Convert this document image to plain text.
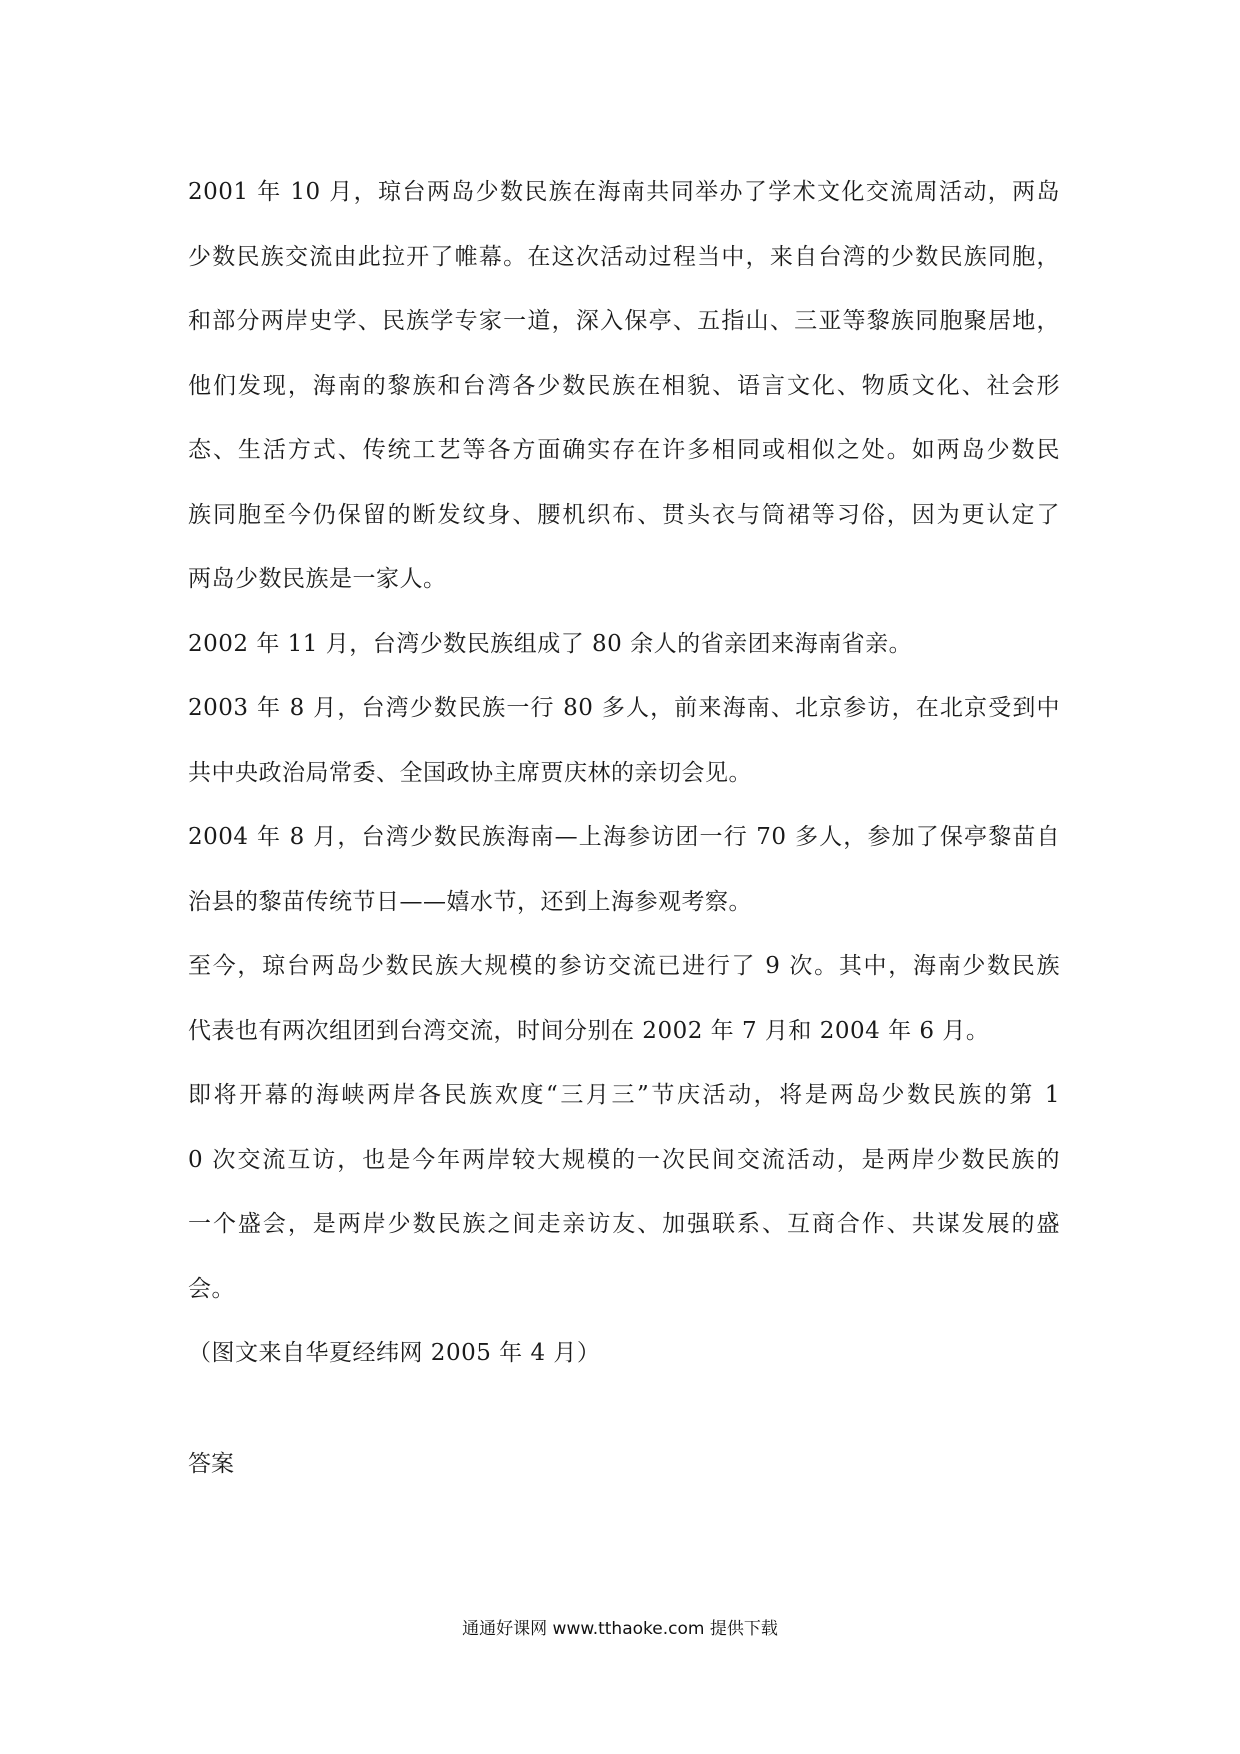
2001 年 10 月，琼台两岛少数民族在海南共同举办了学术文化交流周活动，两岛
少数民族交流由此拉开了帷幕。在这次活动过程当中，来自台湾的少数民族同胞，
和部分两岸史学、民族学专家一道，深入保亭、五指山、三亚等黎族同胞聚居地，
他们发现，海南的黎族和台湾各少数民族在相貌、语言文化、物质文化、社会形
态、生活方式、传统工艺等各方面确实存在许多相同或相似之处。如两岛少数民
族同胞至今仍保留的断发纹身、腰机织布、贯头衣与筒裙等习俗，因为更认定了
两岛少数民族是一家人。
2002 年 11 月，台湾少数民族组成了 80 余人的省亲团来海南省亲。
2003 年 8 月，台湾少数民族一行 80 多人，前来海南、北京参访，在北京受到中
共中央政治局常委、全国政协主席贾庆林的亲切会见。
2004 年 8 月，台湾少数民族海南—上海参访团一行 70 多人，参加了保亭黎苗自
治县的黎苗传统节日——嬉水节，还到上海参观考察。
至今，琼台两岛少数民族大规模的参访交流已进行了 9 次。其中，海南少数民族
代表也有两次组团到台湾交流，时间分别在 2002 年 7 月和 2004 年 6 月。
即将开幕的海峡两岸各民族欢度“三月三”节庆活动，将是两岛少数民族的第 1
0 次交流互访，也是今年两岸较大规模的一次民间交流活动，是两岸少数民族的
一个盛会，是两岸少数民族之间走亲访友、加强联系、互商合作、共谋发展的盛
会。
（图文来自华夏经纬网 2005 年 4 月）
答案
通通好课网 www.tthaoke.com 提供下载
